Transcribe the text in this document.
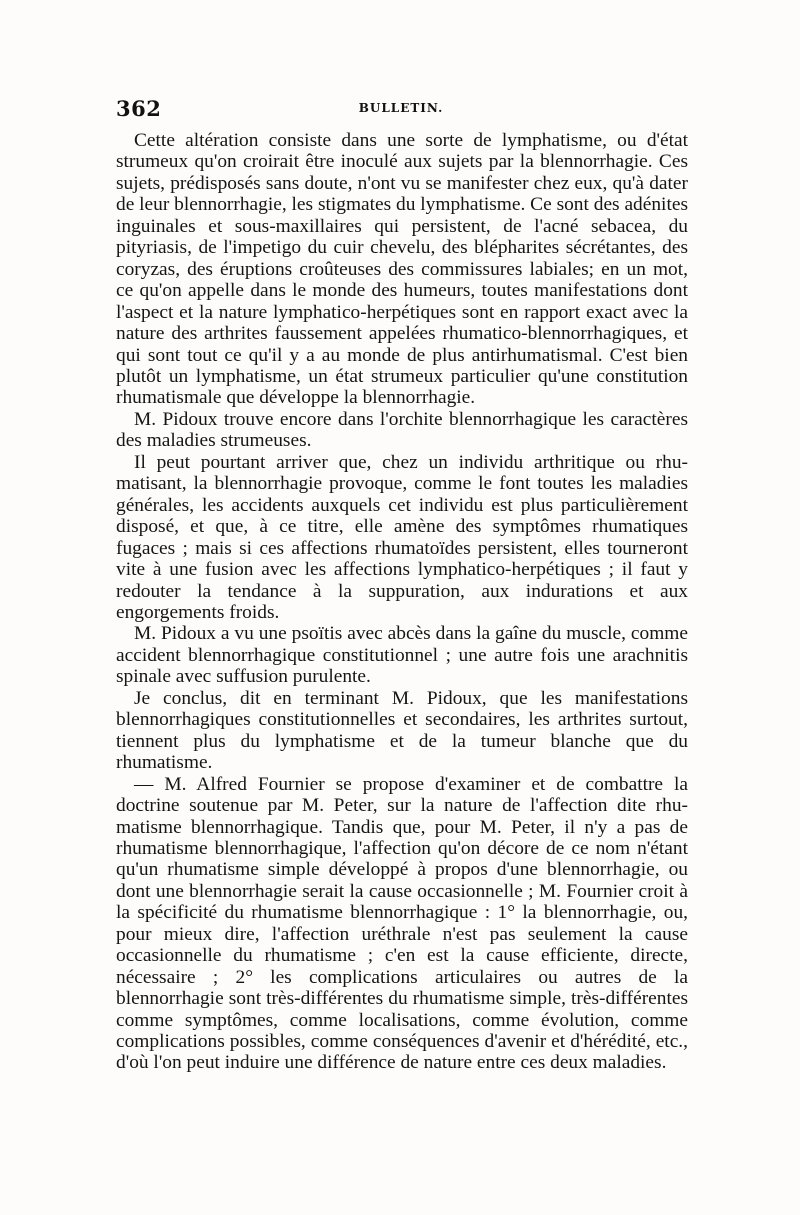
362	BULLETIN.

Cette altération consiste dans une sorte de lymphatisme, ou d'état strumeux qu'on croirait être inoculé aux sujets par la blennorrhagie. Ces sujets, prédisposés sans doute, n'ont vu se manifester chez eux, qu'à dater de leur blennorrhagie, les stigmates du lymphatisme. Ce sont des adénites inguinales et sous-maxillaires qui persistent, de l'acné sebacea, du pityriasis, de l'impetigo du cuir chevelu, des blépharites sécrétantes, des coryzas, des éruptions croûteuses des commissures labiales; en un mot, ce qu'on appelle dans le monde des humeurs, toutes manifestations dont l'aspect et la nature lymphatico-herpétiques sont en rapport exact avec la nature des arthrites faussement appelées rhumatico-blennorrhagiques, et qui sont tout ce qu'il y a au monde de plus antirhumatismal. C'est bien plutôt un lymphatisme, un état strumeux particulier qu'une constitution rhumatismale que développe la blennorrhagie.

M. Pidoux trouve encore dans l'orchite blennorrhagique les caractères des maladies strumeuses.

Il peut pourtant arriver que, chez un individu arthritique ou rhumatisant, la blennorrhagie provoque, comme le font toutes les maladies générales, les accidents auxquels cet individu est plus particulièrement disposé, et que, à ce titre, elle amène des symptômes rhumatiques fugaces ; mais si ces affections rhumatoïdes persistent, elles tourneront vite à une fusion avec les affections lymphatico-herpétiques ; il faut y redouter la tendance à la suppuration, aux indurations et aux engorgements froids.

M. Pidoux a vu une psoïtis avec abcès dans la gaîne du muscle, comme accident blennorrhagique constitutionnel ; une autre fois une arachnitis spinale avec suffusion purulente.

Je conclus, dit en terminant M. Pidoux, que les manifestations blennorrhagiques constitutionnelles et secondaires, les arthrites surtout, tiennent plus du lymphatisme et de la tumeur blanche que du rhumatisme.

— M. Alfred Fournier se propose d'examiner et de combattre la doctrine soutenue par M. Peter, sur la nature de l'affection dite rhumatisme blennorrhagique. Tandis que, pour M. Peter, il n'y a pas de rhumatisme blennorrhagique, l'affection qu'on décore de ce nom n'étant qu'un rhumatisme simple développé à propos d'une blennorrhagie, ou dont une blennorrhagie serait la cause occasionnelle ; M. Fournier croit à la spécificité du rhumatisme blennorrhagique : 1° la blennorrhagie, ou, pour mieux dire, l'affection uréthrale n'est pas seulement la cause occasionnelle du rhumatisme ; c'en est la cause efficiente, directe, nécessaire ; 2° les complications articulaires ou autres de la blennorrhagie sont très-différentes du rhumatisme simple, très-différentes comme symptômes, comme localisations, comme évolution, comme complications possibles, comme conséquences d'avenir et d'hérédité, etc., d'où l'on peut induire une différence de nature entre ces deux maladies.
